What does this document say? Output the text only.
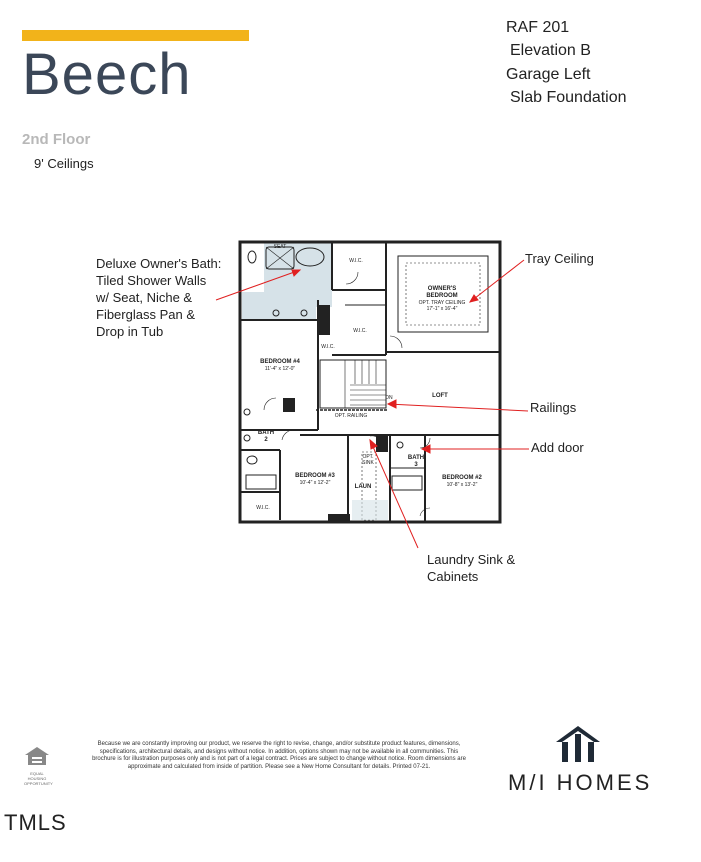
Beech
2nd Floor
9' Ceilings
RAF 201
Elevation B
Garage Left
Slab Foundation
Deluxe Owner's Bath:
Tiled Shower Walls
w/ Seat, Niche &
Fiberglass Pan &
Drop in Tub
Tray Ceiling
Railings
Add door
Laundry Sink &
Cabinets
OWNER'S
BEDROOM
OPT. TRAY CEILING
17'-1" x 16'-4"
BEDROOM #4
11'-4" x 12'-0"
BEDROOM #3
10'-4" x 12'-2"
BEDROOM #2
10'-8" x 13'-2"
LOFT
LAUN
BATH
2
BATH
3
W.I.C.
W.I.C.
W.I.C.
W.I.C.
SEAT
OPT. RAILING
DN
OPT.
SINK
EQUAL HOUSING OPPORTUNITY
Because we are constantly improving our product, we reserve the right to revise, change, and/or substitute product features, dimensions, specifications, architectural details, and designs without notice. In addition, options shown may not be available in all communities. This brochure is for illustration purposes only and is not part of a legal contract. Prices are subject to change without notice. Room dimensions are approximate and calculated from inside of partition. Please see a New Home Consultant for details. Printed 07-21.
M/I HOMES
TMLS
